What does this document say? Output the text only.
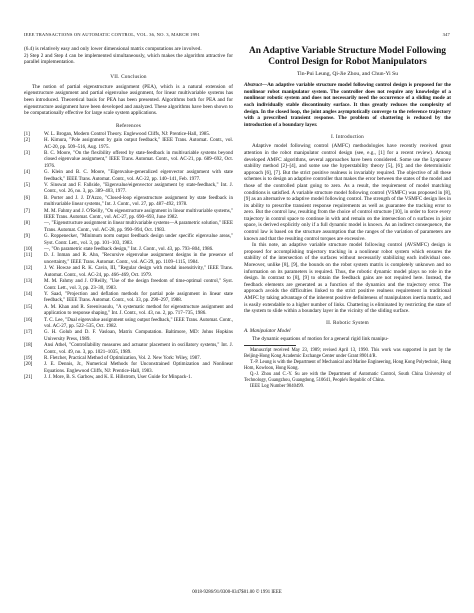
IEEE TRANSACTIONS ON AUTOMATIC CONTROL, VOL. 36, NO. 3, MARCH 1991	347

(6.4) is relatively easy and only lower dimensional matrix computations are involved.

2) Step 2 and Step 4 can be implemented simultaneously, which makes the algorithm attractive for parallel implementation.

VII. Conclusion

The notion of partial eigenstructure assignment (PEA), which is a natural extension of eigenstructure assignment and partial eigenvalue assignment, for linear multivariable systems has been introduced. Theoretical basis for PEA has been presented. Algorithms both for PEA and for eigenstructure assignment have been developed and analyzed. These algorithms have been shown to be computationally effective for large scale system applications.

References

[1]	W. L. Brogan, Modern Control Theory. Englewood Cliffs, NJ: Prentice-Hall, 1985.
[2]	H. Kimura, "Pole assignment by gain output feedback," IEEE Trans. Automat. Contr., vol. AC-20, pp. 509–516, Aug. 1975.
[3]	B. C. Moore, "On the flexibility offered by state-feedback in multivariable systems beyond closed eigenvalue assignment," IEEE Trans. Automat. Contr., vol. AC-21, pp. 689–692, Oct. 1976.
[4]	G. Klein and B. C. Moore, "Eigenvalue-generalized eigenvector assignment with state feedback," IEEE Trans. Automat. Contr., vol. AC-22, pp. 140–141, Feb. 1977.
[5]	V. Sinswat and F. Fallside, "Eigenvalue/eigenvector assignment by state-feedback," Int. J. Contr., vol. 26, no. 3, pp. 389–403, 1977.
[6]	B. Porter and J. J. D'Azzo, "Closed-loop eigenstructure assignment by state feedback in multivariable linear systems," Int. J. Contr., vol. 27, pp. 487–492, 1978.
[7]	M. M. Fahmy and J. O'Reilly, "On eigenstructure assignment in linear multivariable systems," IEEE Trans. Automat. Contr., vol. AC-27, pp. 690–693, June 1982.
[8]	—, "Eigenstructure assignment in linear multivariable systems—A parametric solution," IEEE Trans. Automat. Contr., vol. AC-28, pp. 990–994, Oct. 1983.
[9]	G. Roppenecker, "Minimum norm output feedback design under specific eigenvalue areas," Syst. Contr. Lett., vol. 3, pp. 101–103, 1983.
[10] —, "On parametric state feedback design," Int. J. Contr., vol. 43, pp. 793–804, 1986.
[11] D. J. Inman and R. Ahn, "Recursive eigenvalue assignment designs in the presence of uncertainty," IEEE Trans. Automat. Contr., vol. AC-29, pp. 1109–1115, 1984.
[12] J. W. Howze and R. K. Cavin, III, "Regular design with modal insensitivity," IEEE Trans. Automat. Contr., vol. AC-24, pp. 466–469, Oct. 1979.
[13] M. M. Fahmy and J. O'Reilly, "Use of the design freedom of time-optimal control," Syst. Contr. Lett., vol. 3, pp. 23–30, 1983.
[14] Y. Saad, "Projection and deflation methods for partial pole assignment in linear state feedback," IEEE Trans. Automat. Contr., vol. 33, pp. 290–297, 1988.
[15] A. M. Khan and R. Sreenivasulu, "A systematic method for eigenstructure assignment and application to response shaping," Int. J. Contr., vol. 43, no. 2, pp. 717–735, 1986.
[16] T. C. Lee, "Dual eigenvalue assignment using output feedback," IEEE Trans. Automat. Contr., vol. AC-27, pp. 522–535, Oct. 1982.
[17] G. H. Golub and D. F. Vasloan, Matrix Computation. Baltimore, MD: Johns Hopkins University Press, 1989.
[18] Ansi Athel, "Controllability measures and actuator placement in oscillatory systems," Int. J. Contr., vol. 49, no. 3, pp. 1021–1035, 1989.
[19] R. Fletcher, Practical Method of Optimization, Vol. 2. New York: Wiley, 1987.
[20] J. E. Dennis, Jr., Numerical Methods for Unconstrained Optimization and Nonlinear Equations. Englewood Cliffs, NJ: Prentice-Hall, 1983.
[21] J. J. More, B. S. Garbow, and K. E. Hillstrom, User Guide for Minpack-1.

An Adaptive Variable Structure Model Following Control Design for Robot Manipulators

Tin-Pui Leung, Qi-Jie Zhou, and Chun-Yi Su

Abstract—An adaptive variable structure model following control design is proposed for the nonlinear robot manipulator system. The controller does not require any knowledge of a nonlinear robotic system and does not necessarily need the occurrence of a sliding mode at each individually stable discontinuity surface. It thus greatly reduces the complexity of design. In the closed loop, the joint angles asymptotically converge to the reference trajectory with a prescribed transient response. The problem of chattering is reduced by the introduction of a boundary layer.

I. Introduction

Adaptive model following control (AMFC) methodologies have recently received great attention in the robot manipulator control design (see, e.g., [1] for a recent review). Among developed AMFC algorithms, several approaches have been considered. Some use the Lyapunov stability method [2]–[4], and some use the hyperstability theory [5], [6]; and the deterministic approach [6], [7]. But the strict positive realness is invariably required. The objective of all these schemes is to design an adaptive controller that makes the error between the states of the model and those of the controlled plant going to zero. As a result, the requirement of model matching conditions is satisfied. A variable structure model following control (VSMFC) was proposed in [8], [9] as an alternative to adaptive model following control. The strength of the VSMFC design lies in its ability to prescribe transient response requirements as well as guarantee the tracking error to zero. But the control law, resulting from the choice of control structure [10], in order to force every trajectory in control space to continue in with and remain on the intersection of n surfaces in joint space, is derived explicitly only if a full dynamic model is known. As an indirect consequence, the control law is based on the structure assumption that the ranges of the variation of parameters are known and that the resulting control torques are excessive.

In this note, an adaptive variable structure model following control (AVSMFC) design is proposed for accomplishing trajectory tracking in a nonlinear robot system which ensures the stability of the intersection of the surfaces without necessarily stabilizing each individual one. Moreover, unlike [8], [9], the bounds on the robot system matrix is completely unknown and no information on its parameters is required. Thus, the robotic dynamic model plays no role in the design. In contrast to [8], [9] to obtain the feedback gains are not required here. Instead, the feedback elements are generated as a function of the dynamics and the trajectory error. The approach avoids the difficulties linked to the strict positive realness requirement in traditional AMFC by taking advantage of the inherent positive definiteness of manipulators inertia matrix, and is easily extendable to a higher number of links. Chattering is eliminated by restricting the state of the system to slide within a boundary layer in the vicinity of the sliding surface.

II. Robotic System

A. Manipulator Model

The dynamic equations of motion for a general rigid link manipu-

Manuscript received May 23, 1989; revised April 13, 1990. This work was supported in part by the Beijing-Hong Kong Academic Exchange Center under Grant 89014/R.

T.-P. Leung is with the Department of Mechanical and Marine Engineering, Hong Kong Polytechnic, Hung Hom, Kowloon, Hong Kong.

Q.-J. Zhou and C.-Y. Su are with the Department of Automatic Control, South China University of Technology, Guangzhou, Guangdong, 510641, People's Republic of China.

IEEE Log Number 9040499.

0018-9286/91/0300-0347$01.00 © 1991 IEEE
